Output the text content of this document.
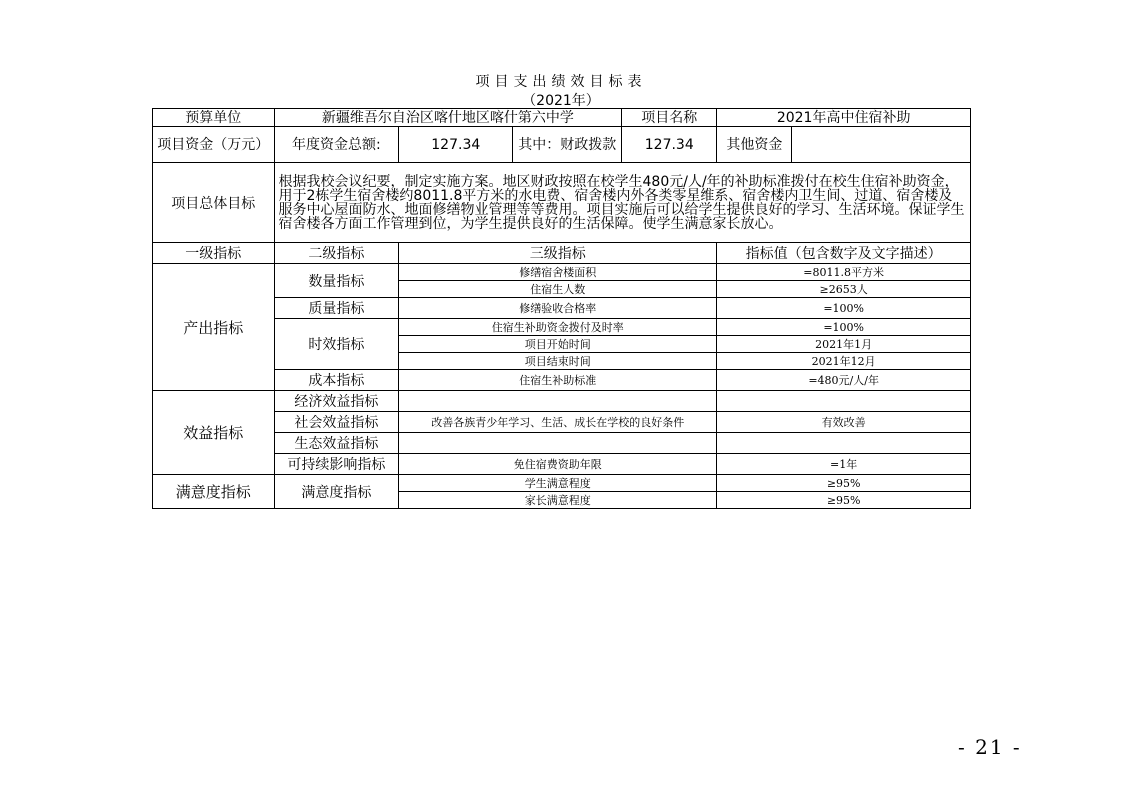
项目支出绩效目标表
（2021年）
预算单位	新疆维吾尔自治区喀什地区喀什第六中学			项目名称	2021年高中住宿补助	
项目资金（万元）	年度资金总额:	127.34	其中：财政拨款	127.34	其他资金	
项目总体目标	根据我校会议纪要，制定实施方案。地区财政按照在校学生480元/人/年的补助标准拨付在校生住宿补助资金，用于2栋学生宿舍楼约8011.8平方米的水电费、宿舍楼内外各类零星维系、宿舍楼内卫生间、过道、宿舍楼及服务中心屋面防水、地面修缮物业管理等等费用。项目实施后可以给学生提供良好的学习、生活环境。保证学生宿舍楼各方面工作管理到位，为学生提供良好的生活保障。使学生满意家长放心。					
一级指标	二级指标	三级指标			指标值（包含数字及文字描述）	
产出指标	数量指标	修缮宿舍楼面积			=8011.8平方米	
		住宿生人数			≥2653人	
	质量指标	修缮验收合格率			=100%	
	时效指标	住宿生补助资金拨付及时率			=100%	
		项目开始时间			2021年1月	
		项目结束时间			2021年12月	
	成本指标	住宿生补助标准			=480元/人/年	
效益指标	经济效益指标					
	社会效益指标	改善各族青少年学习、生活、成长在学校的良好条件			有效改善	
	生态效益指标					
	可持续影响指标	免住宿费资助年限			=1年	
满意度指标	满意度指标	学生满意程度			≥95%	
		家长满意程度			≥95%	
- 21 -
